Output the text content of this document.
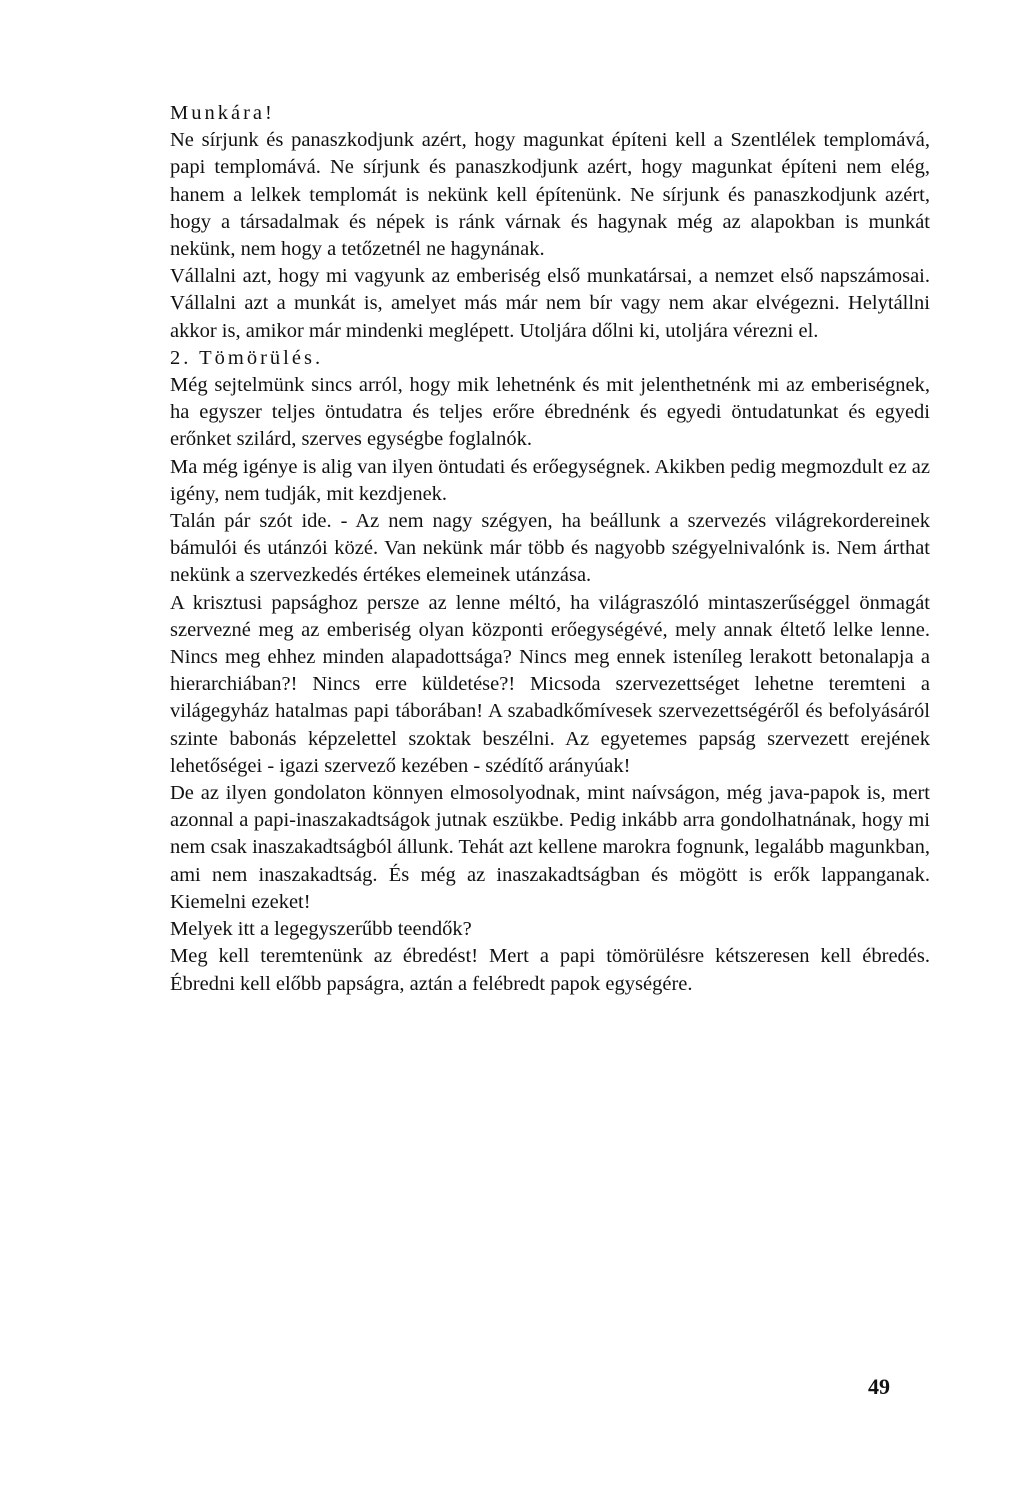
Munkára!

Ne sírjunk és panaszkodjunk azért, hogy magunkat építeni kell a Szentlélek templomává, papi templomává. Ne sírjunk és panaszkodjunk azért, hogy magunkat építeni nem elég, hanem a lelkek templomát is nekünk kell építenünk. Ne sírjunk és panaszkodjunk azért, hogy a társadalmak és népek is ránk várnak és hagynak még az alapokban is munkát nekünk, nem hogy a tetőzetnél ne hagynának.

Vállalni azt, hogy mi vagyunk az emberiség első munkatársai, a nemzet első napszámosai. Vállalni azt a munkát is, amelyet más már nem bír vagy nem akar elvégezni. Helytállni akkor is, amikor már mindenki meglépett. Utoljára dőlni ki, utoljára vérezni el.

2. Tömörülés.

Még sejtelmünk sincs arról, hogy mik lehetnénk és mit jelenthetnénk mi az emberiségnek, ha egyszer teljes öntudatra és teljes erőre ébrednénk és egyedi öntudatunkat és egyedi erőnket szilárd, szerves egységbe foglalnók.

Ma még igénye is alig van ilyen öntudati és erőegységnek. Akikben pedig megmozdult ez az igény, nem tudják, mit kezdjenek.

Talán pár szót ide. - Az nem nagy szégyen, ha beállunk a szervezés világrekordereinek bámulói és utánzói közé. Van nekünk már több és nagyobb szégyelnivalónk is. Nem árthat nekünk a szervezkedés értékes elemeinek utánzása.

A krisztusi papsághoz persze az lenne méltó, ha világraszóló mintaszerűséggel önmagát szervezné meg az emberiség olyan központi erőegységévé, mely annak éltető lelke lenne. Nincs meg ehhez minden alapadottsága? Nincs meg ennek isteníleg lerakott betonalapja a hierarchiában?! Nincs erre küldetése?! Micsoda szervezettséget lehetne teremteni a világegyház hatalmas papi táborában! A szabadkőmívesek szervezettségéről és befolyásáról szinte babonás képzelettel szoktak beszélni. Az egyetemes papság szervezett erejének lehetőségei - igazi szervező kezében - szédítő arányúak!

De az ilyen gondolaton könnyen elmosolyodnak, mint naívságon, még java-papok is, mert azonnal a papi-inaszakadtságok jutnak eszükbe. Pedig inkább arra gondolhatnának, hogy mi nem csak inaszakadtságból állunk. Tehát azt kellene marokra fognunk, legalább magunkban, ami nem inaszakadtság. És még az inaszakadtságban és mögött is erők lappanganak. Kiemelni ezeket!

Melyek itt a legegyszerűbb teendők?

Meg kell teremtenünk az ébredést! Mert a papi tömörülésre kétszeresen kell ébredés. Ébredni kell előbb papságra, aztán a felébredt papok egységére.

49
